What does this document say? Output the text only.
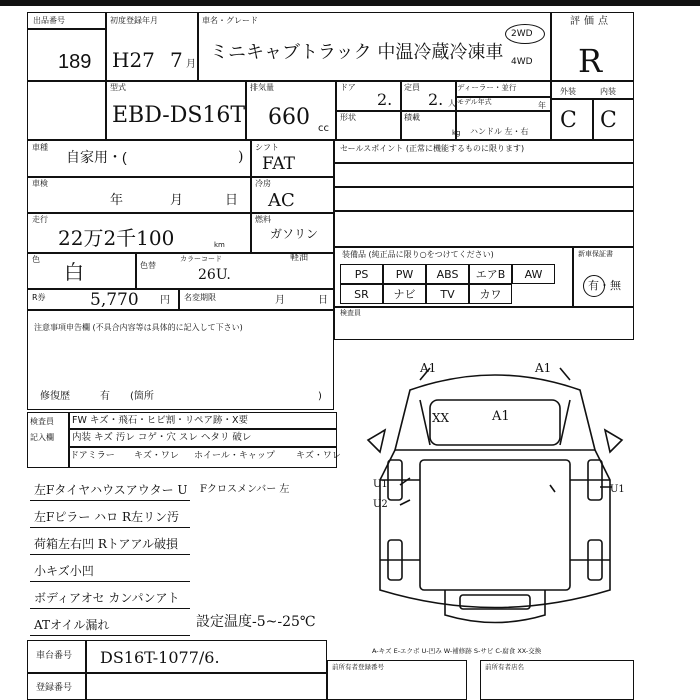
出品番号
189
初度登録年月
H27 7 月
車名・グレード
ミニキャブトラック 中温冷蔵冷凍車
2WD
4WD
評価点
R
型式
EBD-DS16T
排気量
660 cc
ドア
2.
定員
2. 人
ディーラー・並行
モデル年式	年
形状	積載
kg ハンドル 左・右
外装	内装
C C
車種
自家用・(	)
シフト
FAT
車検
年	月	日
冷房
AC
走行
22万2千100	km
燃料
ガソリン
軽油
色
白	色替
カラーコード
26U.
R券	5,770 円 名変期限	月	日
注意事項申告欄 (不具合内容等は具体的に記入して下さい)
修復歴	有 (箇所	)
セールスポイント (正常に機能するものに限ります)
装備品 (純正品に限り○をつけてください)	新車保証書
有・無
PS	PW	ABS	エアB	AW
SR	ナビ	TV	カワ
検査員
検査員
記入欄
FW キズ・飛石・ヒビ割・リペア跡・X要
内装 キズ 汚レ コゲ・穴 スレ ヘタリ 破レ
ドアミラー キズ・ワレ ホイール・キャップ キズ・ワレ
左Fタイヤハウスアウター U
左Fピラー ハロ R左リン汚
荷箱左右凹 Rトアアル破損
小キズ小凹
ボディアオセ カンパンアト
ATオイル漏れ
A1	A1
A1
XX
U1
U2
U1
Fクロスメンバー 左
設定温度-5~-25℃
A-キズ E-エクボ U-凹み W-補修跡 S-サビ C-腐食 XX-交換
車台番号 DS16T-1077/6.
登録番号
前所有者登録番号	前所有者店名
